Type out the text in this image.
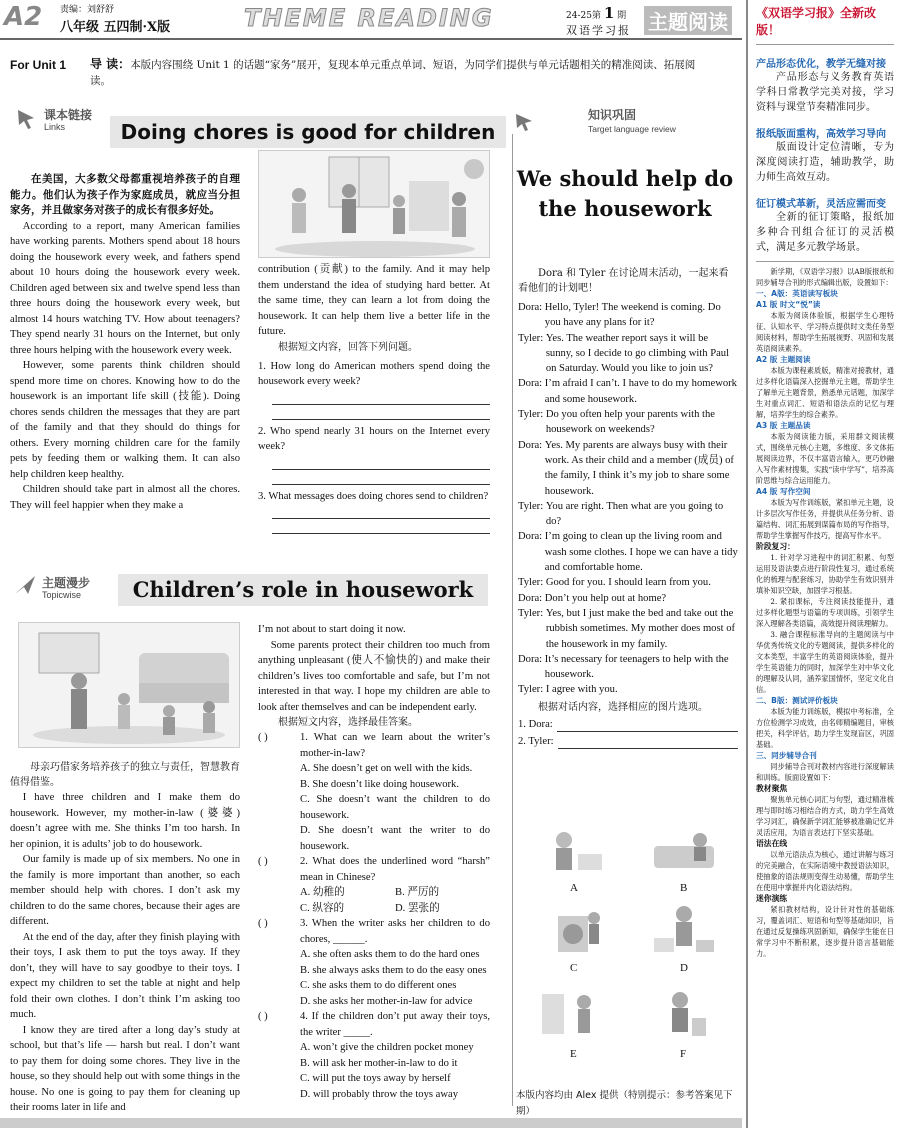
A2 责编：刘舒舒
八年级 五四制·X版	THEME READING	24-25第 1 期
双语学习报 主题阅读
For Unit 1 导 读：本版内容围绕 Unit 1 的话题“家务”展开，复现本单元重点单词、短语，为同学们提供与单元话题相关的精准阅读、拓展阅读。
课本链接
Links	Doing chores is good for children
在美国，大多数父母都重视培养孩子的自理能力。他们认为孩子作为家庭成员，就应当分担家务，并且做家务对孩子的成长有很多好处。

According to a report, many American families have working parents. Mothers spend about 18 hours doing the housework every week, and fathers spend about 10 hours doing the housework every week. Children aged between six and twelve spend less than three hours doing the housework every week, but almost 14 hours watching TV. How about teenagers? They spend nearly 31 hours on the Internet, but only three hours helping with the housework every week.

However, some parents think children should spend more time on chores. Knowing how to do the housework is an important life skill (技能). Doing chores sends children the messages that they are part of the family and that they should do things for others. Every morning children care for the family pets by feeding them or walking them. It can also help children keep healthy.

Children should take part in almost all the chores. They will feel happier when they make a

contribution (贡献) to the family. And it may help them understand the idea of studying hard better. At the same time, they can learn a lot from doing the housework. It can help them live a better life in the future.
根据短文内容，回答下列问题。
1. How long do American mothers spend doing the housework every week?
2. Who spend nearly 31 hours on the Internet every week?
3. What messages does doing chores send to children?
主题漫步
Topicwise	Children’s role in housework
母亲巧借家务培养孩子的独立与责任，智慧教育值得借鉴。

I have three children and I make them do housework. However, my mother-in-law (婆婆) doesn’t agree with me. She thinks I’m too harsh. In her opinion, it is adults’ job to do housework.

Our family is made up of six members. No one in the family is more important than another, so each member should help with chores. I don’t ask my children to do the same chores, because their ages are different.

At the end of the day, after they finish playing with their toys, I ask them to put the toys away. If they don’t, they will have to say goodbye to their toys. I expect my children to set the table at night and help fold their own clothes. I don’t think I’m asking too much.

I know they are tired after a long day’s study at school, but that’s life — harsh but real. I don’t want to pay them for doing some chores. They live in the house, so they should help out with some things in the house. No one is going to pay them for cleaning up their rooms later in life and

I’m not about to start doing it now.

Some parents protect their children too much from anything unpleasant (使人不愉快的) and make their children’s lives too comfortable and safe, but I’m not interested in that way. I hope my children are able to look after themselves and can be independent early.

根据短文内容，选择最佳答案。
( )	1. What can we learn about the writer’s mother-in-law?
A. She doesn’t get on well with the kids.
B. She doesn’t like doing housework.
C. She doesn’t want the children to do housework.
D. She doesn’t want the writer to do housework.
( )	2. What does the underlined word “harsh” mean in Chinese?
A. 幼稚的	B. 严厉的
C. 纵容的	D. 罢张的
( )	3. When the writer asks her children to do chores, ______.
A. she often asks them to do the hard ones
B. she always asks them to do the easy ones
C. she asks them to do different ones
D. she asks her mother-in-law for advice
( )	4. If the children don’t put away their toys, the writer _____.
A. won’t give the children pocket money
B. will ask her mother-in-law to do it
C. will put the toys away by herself
D. will probably throw the toys away
知识巩固
Target language review
We should help do the housework
Dora 和 Tyler 在讨论周末活动，一起来看看他们的计划吧！
Dora:
Hello, Tyler! The weekend is coming. Do you have any plans for it?
Tyler:
Yes. The weather report says it will be sunny, so I decide to go climbing with Paul on Saturday. Would you like to join us?
Dora:
I’m afraid I can’t. I have to do my homework and some housework.
Tyler:
Do you often help your parents with the housework on weekends?
Dora:
Yes. My parents are always busy with their work. As their child and a member (成员) of the family, I think it’s my job to share some housework.
Tyler:
You are right. Then what are you going to do?
Dora:
I’m going to clean up the living room and wash some clothes. I hope we can have a tidy and comfortable home.
Tyler:
Good for you. I should learn from you.
Dora:
Don’t you help out at home?
Tyler:
Yes, but I just make the bed and take out the rubbish sometimes. My mother does most of the housework in my family.
Dora:
It’s necessary for teenagers to help with the housework.
Tyler:
I agree with you.
根据对话内容，选择相应的图片选项。
1. Dora:
2. Tyler:
A	B
C	D
E	F
本版内容均由 Alex 提供（特别提示：参考答案见下期）
《双语学习报》全新改版！
产品形态优化，教学无缝对接
产品形态与义务教育英语学科日常教学完美对接，学习资料与课堂节奏精准同步。
报纸版面重构，高效学习导向
版面设计定位清晰，专为深度阅读打造，辅助教学，助力师生高效互动。
征订模式革新，灵活应需而变
全新的征订策略，报纸加多种合刊组合征订的灵活模式，满足多元教学场景。
新学期，《双语学习报》以AB版报纸和同步辅导合刊的形式编辑出版，设置如下：
一、A版：英语读写板块
A1 版 时文“悦”读
本版为阅读体验版，根据学生心理特征、认知水平、学习特点提供时文类任务型阅读材料，帮助学生拓展视野、巩固和发展英语阅读素养。
A2 版 主题阅读
本版为课程素质版，精准对接教材，通过多样化语篇深入挖掘单元主题，帮助学生了解单元主题背景，熟悉单元话题，加深学生对重点词汇、短语和语法点的记忆与理解，培养学生的综合素养。
A3 版 主题品读
本版为阅读能力版，采用群文阅读模式，围绕单元核心主题，多维度、多文体拓展阅读边界，不仅丰富语言输入，更巧妙融入写作素材搜集，实践“读中学写”，培养高阶思维与综合运用能力。
A4 版 写作空间
本版为写作训练版，紧扣单元主题，设计多层次写作任务，并提供从任务分析、语篇结构、词汇拓展到谋篇布局的写作指导，帮助学生掌握写作技巧，提高写作水平。
阶段复习：
1. 针对学习进程中的词汇积累、句型运用及语法要点进行阶段性复习，通过系统化的梳理与配套练习，协助学生有效识别并填补知识空缺，加固学习根基。
2. 紧扣课标，专注阅读技能提升，通过多样化题型与语篇的专项训练，引领学生深入理解各类语篇，高效提升阅读理解力。
3. 融合课程标准导向的主题阅读与中华优秀传统文化的专题阅读，提供多样化的文本类型，丰富学生的英语阅读体验，提升学生英语能力的同时，加深学生对中华文化的理解及认同，涵养家国情怀，坚定文化自信。
二、B版：测试评价板块
本版为能力训练版，模拟中考标准，全方位检测学习成效，由名师精编题目，审核把关，科学评估，助力学生发现盲区，巩固基础。
三、同步辅导合刊
同步辅导合刊对教材内容进行深度解读和训练。版面设置如下：
教材聚焦
聚焦单元核心词汇与句型，通过精准梳理与即时练习相结合的方式，助力学生高效学习词汇，确保新学词汇能够被准确记忆并灵活应用，为语言表达打下坚实基础。
语法在线
以单元语法点为核心，通过讲解与练习的完美融合，在实际语境中教授语法知识，使抽象的语法规则变得生动易懂，帮助学生在使用中掌握并内化语法结构。
迷你演练
紧扣教材结构，设计针对性的基础练习，覆盖词汇、短语和句型等基础知识，旨在通过反复操练巩固新知，确保学生能在日常学习中不断积累，逐步提升语言基础能力。
